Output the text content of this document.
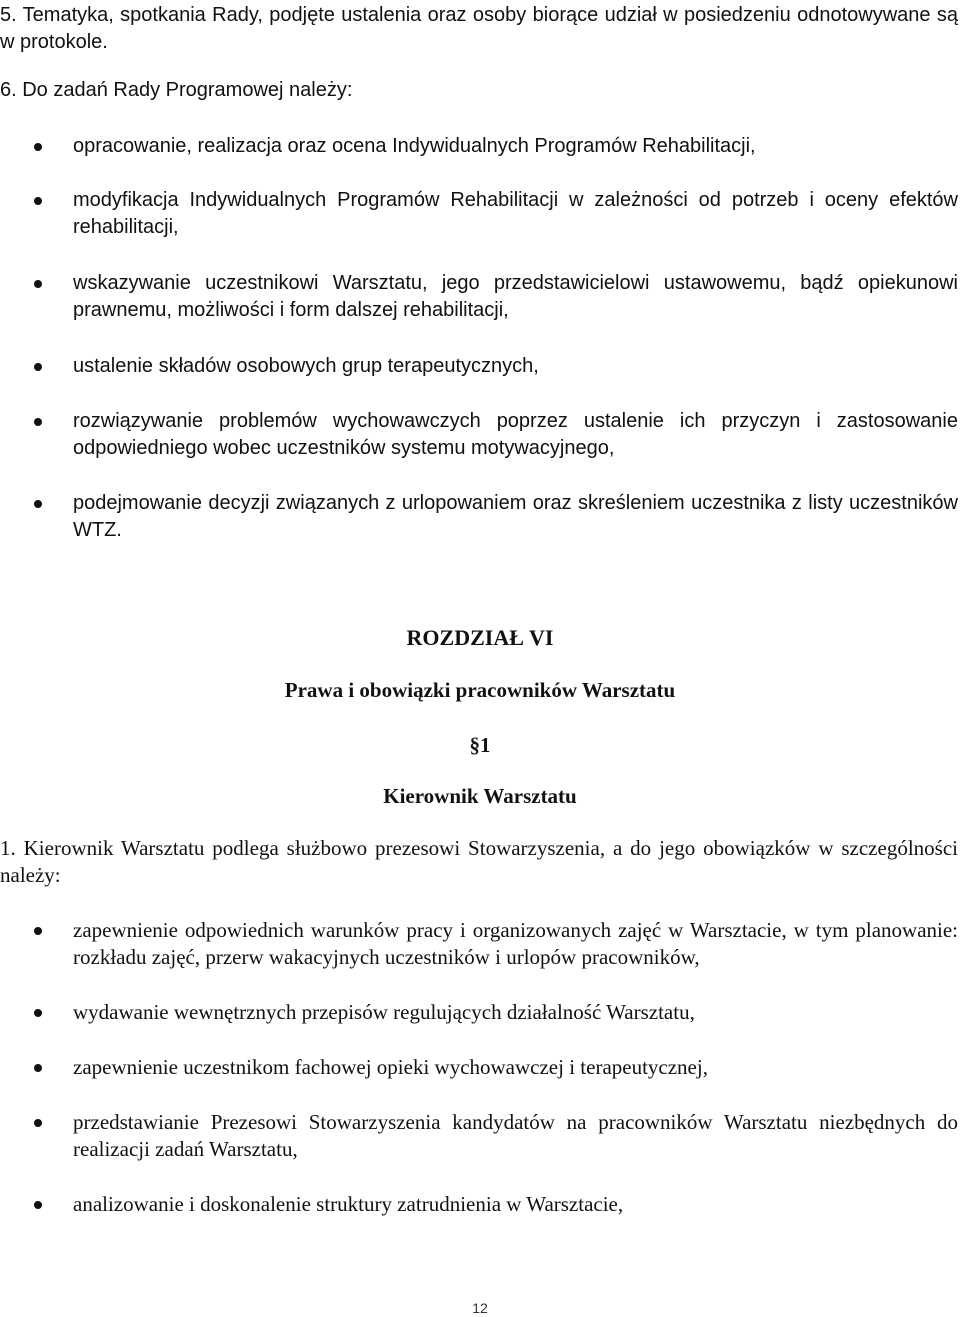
5. Tematyka, spotkania Rady, podjęte ustalenia oraz osoby biorące udział w posiedzeniu odnotowywane są w protokole.

6. Do zadań Rady Programowej należy:

opracowanie, realizacja oraz ocena Indywidualnych Programów Rehabilitacji,

modyfikacja Indywidualnych Programów Rehabilitacji w zależności od potrzeb i oceny efektów rehabilitacji,

wskazywanie uczestnikowi Warsztatu, jego przedstawicielowi ustawowemu, bądź opiekunowi prawnemu, możliwości i form dalszej rehabilitacji,

ustalenie składów osobowych grup terapeutycznych,

rozwiązywanie problemów wychowawczych poprzez ustalenie ich przyczyn i zastosowanie odpowiedniego wobec uczestników systemu motywacyjnego,

podejmowanie decyzji związanych z urlopowaniem oraz skreśleniem uczestnika z listy uczestników WTZ.

ROZDZIAŁ VI

Prawa i obowiązki pracowników Warsztatu

§1

Kierownik Warsztatu

1. Kierownik Warsztatu podlega służbowo prezesowi Stowarzyszenia, a do jego obowiązków w szczególności należy:

zapewnienie odpowiednich warunków pracy i organizowanych zajęć w Warsztacie, w tym planowanie: rozkładu zajęć, przerw wakacyjnych uczestników i urlopów pracowników,

wydawanie wewnętrznych przepisów regulujących działalność Warsztatu,

zapewnienie uczestnikom fachowej opieki wychowawczej i terapeutycznej,

przedstawianie Prezesowi Stowarzyszenia kandydatów na pracowników Warsztatu niezbędnych do realizacji zadań Warsztatu,

analizowanie i doskonalenie struktury zatrudnienia w Warsztacie,

12
